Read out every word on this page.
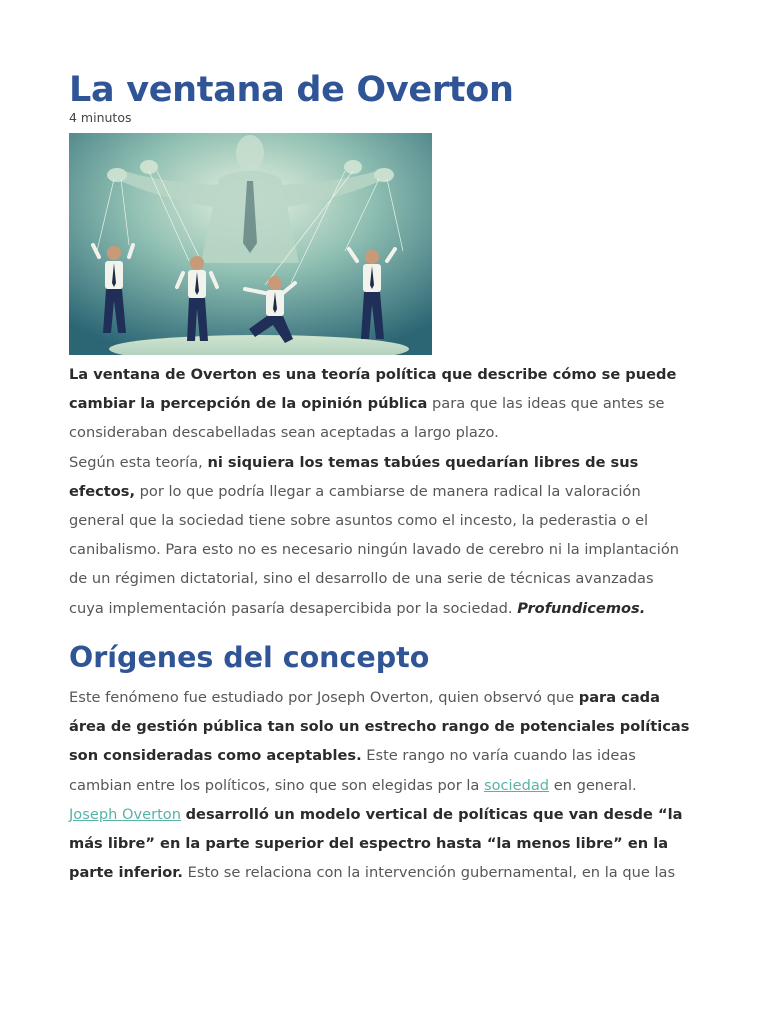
La ventana de Overton
4 minutos
La ventana de Overton es una teoría política que describe cómo se puede
cambiar la percepción de la opinión pública para que las ideas que antes se
consideraban descabelladas sean aceptadas a largo plazo.
Según esta teoría, ni siquiera los temas tabúes quedarían libres de sus
efectos, por lo que podría llegar a cambiarse de manera radical la valoración
general que la sociedad tiene sobre asuntos como el incesto, la pederastia o el
canibalismo. Para esto no es necesario ningún lavado de cerebro ni la implantación
de un régimen dictatorial, sino el desarrollo de una serie de técnicas avanzadas
cuya implementación pasaría desapercibida por la sociedad. Profundicemos.
Orígenes del concepto
Este fenómeno fue estudiado por Joseph Overton, quien observó que para cada
área de gestión pública tan solo un estrecho rango de potenciales políticas
son consideradas como aceptables. Este rango no varía cuando las ideas
cambian entre los políticos, sino que son elegidas por la sociedad en general.
Joseph Overton desarrolló un modelo vertical de políticas que van desde “la
más libre” en la parte superior del espectro hasta “la menos libre” en la
parte inferior. Esto se relaciona con la intervención gubernamental, en la que las
